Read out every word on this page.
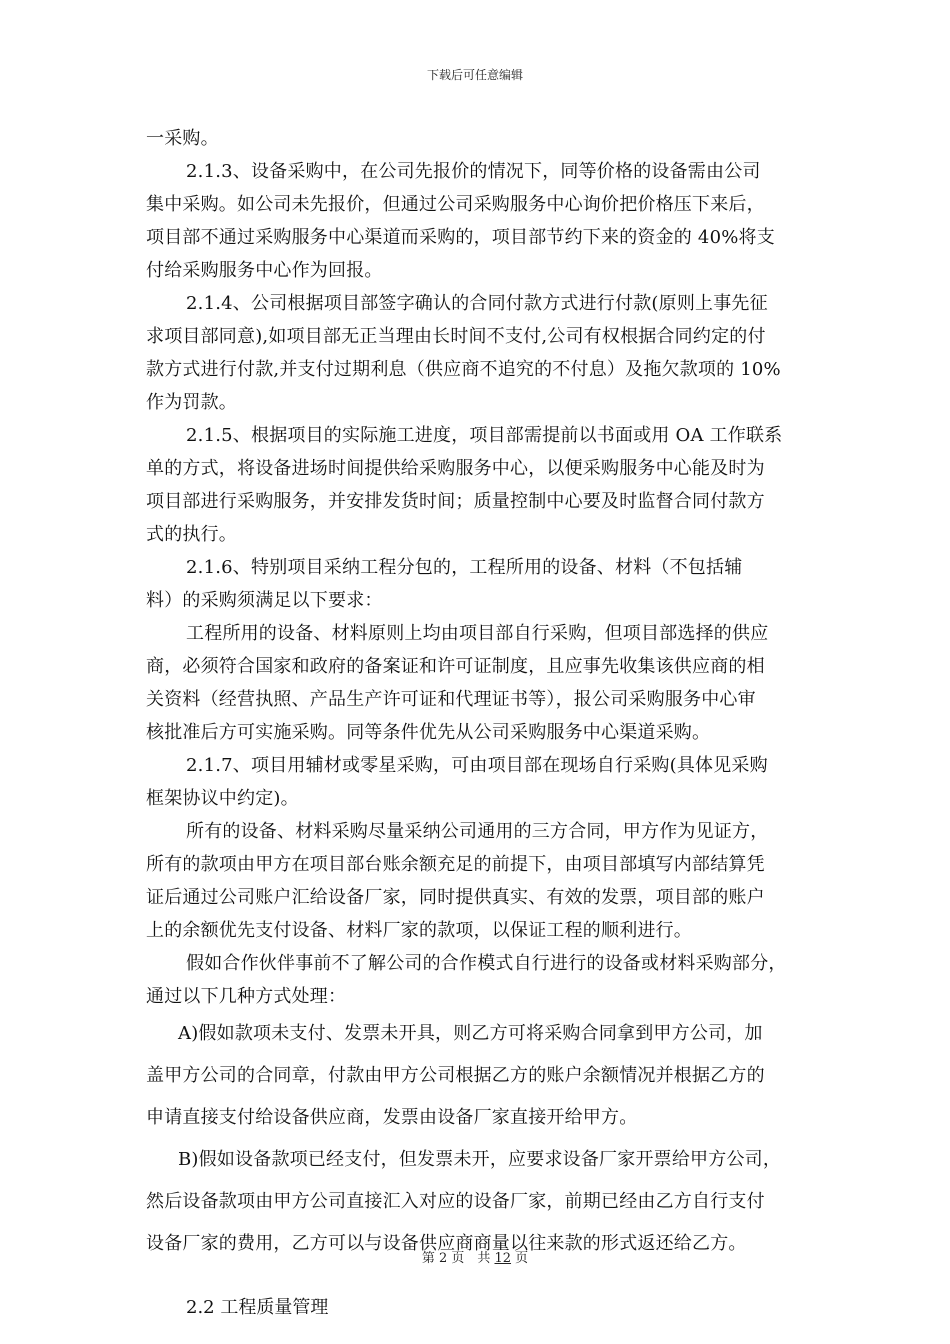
下载后可任意编辑
一采购。
2.1.3、设备采购中，在公司先报价的情况下，同等价格的设备需由公司
集中采购。如公司未先报价，但通过公司采购服务中心询价把价格压下来后，
项目部不通过采购服务中心渠道而采购的，项目部节约下来的资金的 40%将支
付给采购服务中心作为回报。
2.1.4、公司根据项目部签字确认的合同付款方式进行付款(原则上事先征
求项目部同意),如项目部无正当理由长时间不支付,公司有权根据合同约定的付
款方式进行付款,并支付过期利息（供应商不追究的不付息）及拖欠款项的 10%
作为罚款。
2.1.5、根据项目的实际施工进度，项目部需提前以书面或用 OA 工作联系
单的方式，将设备进场时间提供给采购服务中心，以便采购服务中心能及时为
项目部进行采购服务，并安排发货时间；质量控制中心要及时监督合同付款方
式的执行。
2.1.6、特别项目采纳工程分包的，工程所用的设备、材料（不包括辅
料）的采购须满足以下要求：
工程所用的设备、材料原则上均由项目部自行采购，但项目部选择的供应
商，必须符合国家和政府的备案证和许可证制度，且应事先收集该供应商的相
关资料（经营执照、产品生产许可证和代理证书等），报公司采购服务中心审
核批准后方可实施采购。同等条件优先从公司采购服务中心渠道采购。
2.1.7、项目用辅材或零星采购，可由项目部在现场自行采购(具体见采购
框架协议中约定)。
所有的设备、材料采购尽量采纳公司通用的三方合同，甲方作为见证方，
所有的款项由甲方在项目部台账余额充足的前提下，由项目部填写内部结算凭
证后通过公司账户汇给设备厂家，同时提供真实、有效的发票，项目部的账户
上的余额优先支付设备、材料厂家的款项，以保证工程的顺利进行。
假如合作伙伴事前不了解公司的合作模式自行进行的设备或材料采购部分，
通过以下几种方式处理：
A)假如款项未支付、发票未开具，则乙方可将采购合同拿到甲方公司，加
盖甲方公司的合同章，付款由甲方公司根据乙方的账户余额情况并根据乙方的
申请直接支付给设备供应商，发票由设备厂家直接开给甲方。
B)假如设备款项已经支付，但发票未开，应要求设备厂家开票给甲方公司，
然后设备款项由甲方公司直接汇入对应的设备厂家，前期已经由乙方自行支付
设备厂家的费用，乙方可以与设备供应商商量以往来款的形式返还给乙方。
2.2 工程质量管理
第 2 页　共 12 页
